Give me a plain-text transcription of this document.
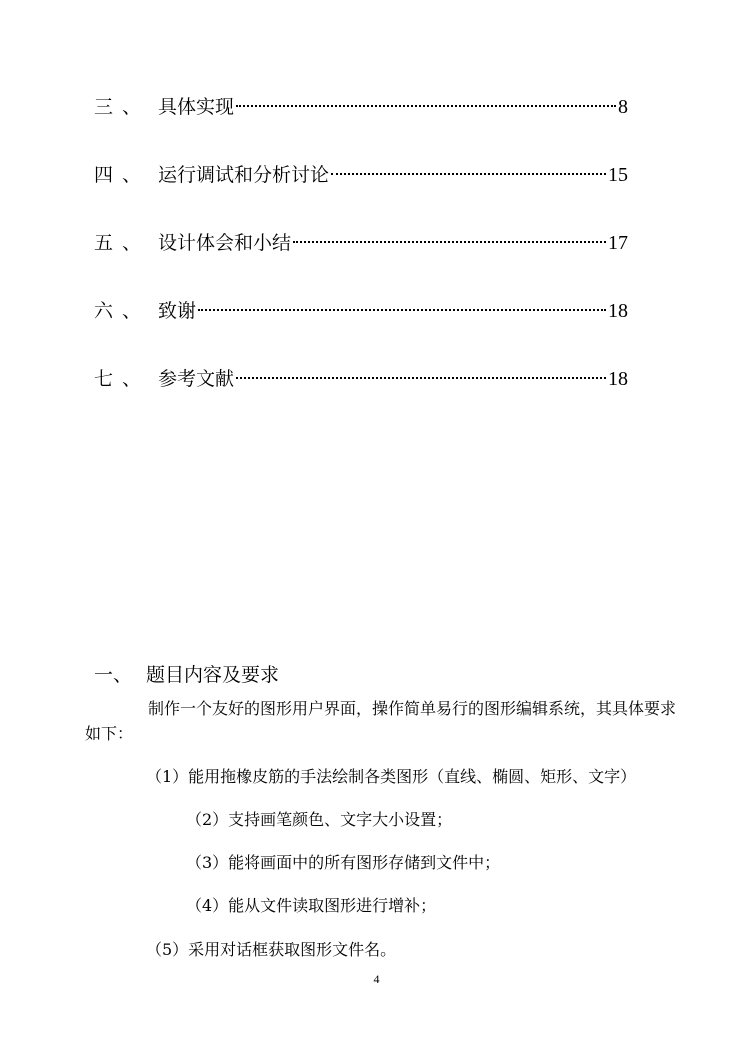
三 、 具体实现	8
四 、 运行调试和分析讨论	15
五 、 设计体会和小结	17
六 、 致谢	18
七 、 参考文献	18
一、 题目内容及要求
制作一个友好的图形用户界面，操作简单易行的图形编辑系统，其具体要求如下：
（1）能用拖橡皮筋的手法绘制各类图形（直线、椭圆、矩形、文字）
（2）支持画笔颜色、文字大小设置；
（3）能将画面中的所有图形存储到文件中；
（4）能从文件读取图形进行增补；
（5）采用对话框获取图形文件名。
4
